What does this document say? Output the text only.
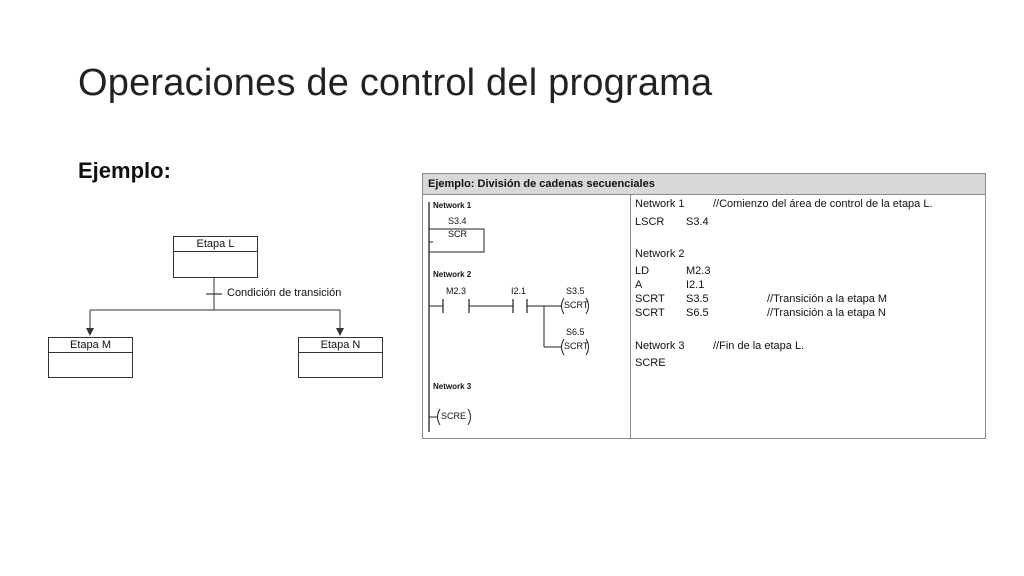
Operaciones de control del programa
Ejemplo:
Etapa L
Condición de transición
Etapa M	Etapa N
Ejemplo: División de cadenas secuenciales
Network 1
S3.4
SCR
Network 2
M2.3	I2.1	S3.5
SCRT
S6.5
SCRT
Network 3
SCRE
Network 1	//Comienzo del área de control de la etapa L.
LSCR S3.4
Network 2
LD	M2.3
A	I2.1
SCRT S3.5	//Transición a la etapa M
SCRT S6.5	//Transición a la etapa N
Network 3	//Fin de la etapa L.
SCRE
